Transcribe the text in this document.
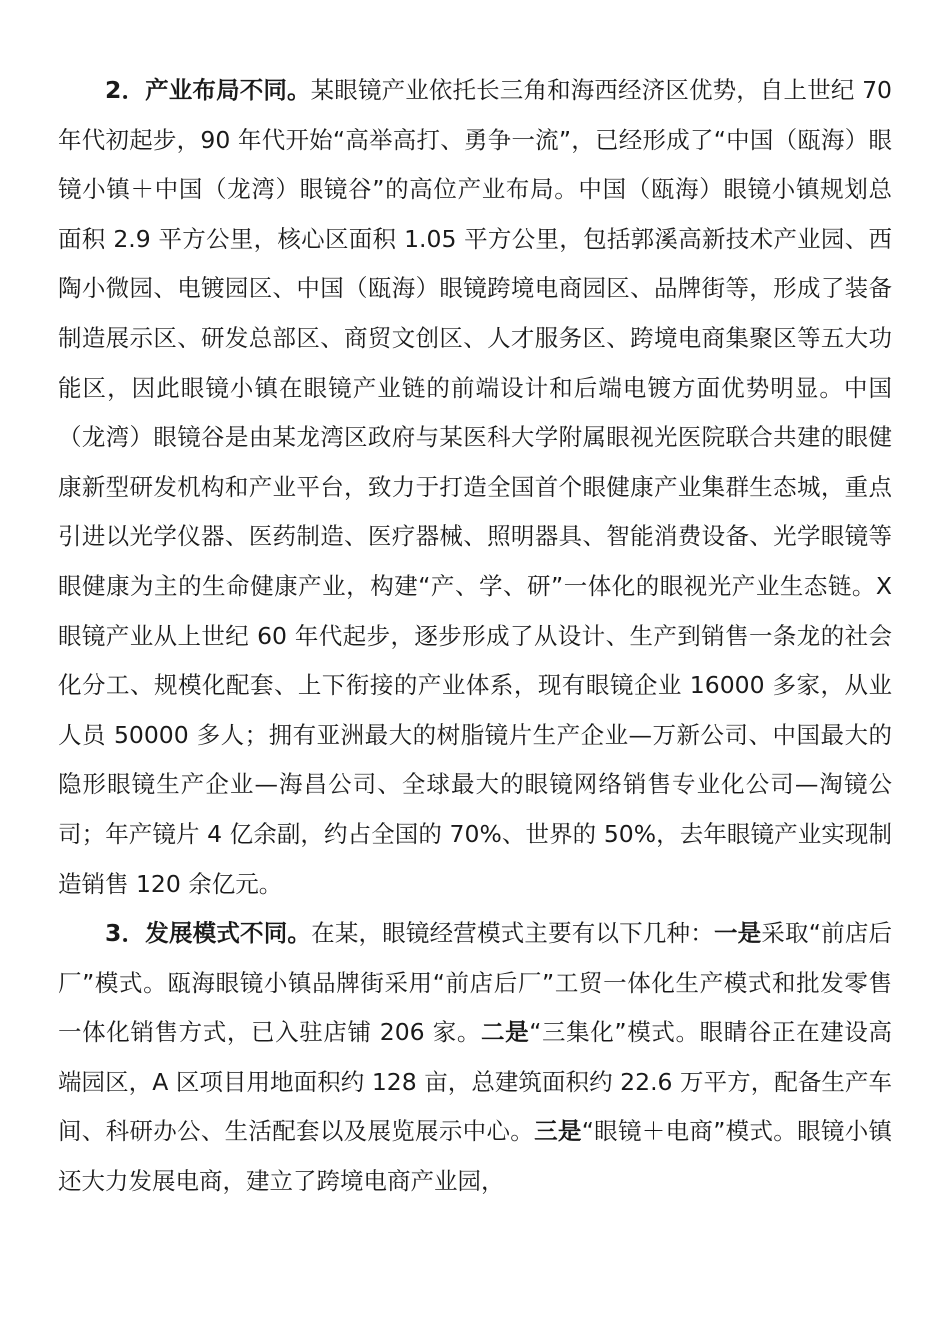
2．产业布局不同。某眼镜产业依托长三角和海西经济区优势，自上世纪 70 年代初起步，90 年代开始“高举高打、勇争一流”，已经形成了“中国（瓯海）眼镜小镇＋中国（龙湾）眼镜谷”的高位产业布局。中国（瓯海）眼镜小镇规划总面积 2.9 平方公里，核心区面积 1.05 平方公里，包括郭溪高新技术产业园、西陶小微园、电镀园区、中国（瓯海）眼镜跨境电商园区、品牌街等，形成了装备制造展示区、研发总部区、商贸文创区、人才服务区、跨境电商集聚区等五大功能区，因此眼镜小镇在眼镜产业链的前端设计和后端电镀方面优势明显。中国（龙湾）眼镜谷是由某龙湾区政府与某医科大学附属眼视光医院联合共建的眼健康新型研发机构和产业平台，致力于打造全国首个眼健康产业集群生态城，重点引进以光学仪器、医药制造、医疗器械、照明器具、智能消费设备、光学眼镜等眼健康为主的生命健康产业，构建“产、学、研”一体化的眼视光产业生态链。X 眼镜产业从上世纪 60 年代起步，逐步形成了从设计、生产到销售一条龙的社会化分工、规模化配套、上下衔接的产业体系，现有眼镜企业 16000 多家，从业人员 50000 多人；拥有亚洲最大的树脂镜片生产企业—万新公司、中国最大的隐形眼镜生产企业—海昌公司、全球最大的眼镜网络销售专业化公司—淘镜公司；年产镜片 4 亿余副，约占全国的 70%、世界的 50%，去年眼镜产业实现制造销售 120 余亿元。

3．发展模式不同。在某，眼镜经营模式主要有以下几种：一是采取“前店后厂”模式。瓯海眼镜小镇品牌街采用“前店后厂”工贸一体化生产模式和批发零售一体化销售方式，已入驻店铺 206 家。二是“三集化”模式。眼睛谷正在建设高端园区，A 区项目用地面积约 128 亩，总建筑面积约 22.6 万平方，配备生产车间、科研办公、生活配套以及展览展示中心。三是“眼镜＋电商”模式。眼镜小镇还大力发展电商，建立了跨境电商产业园，
